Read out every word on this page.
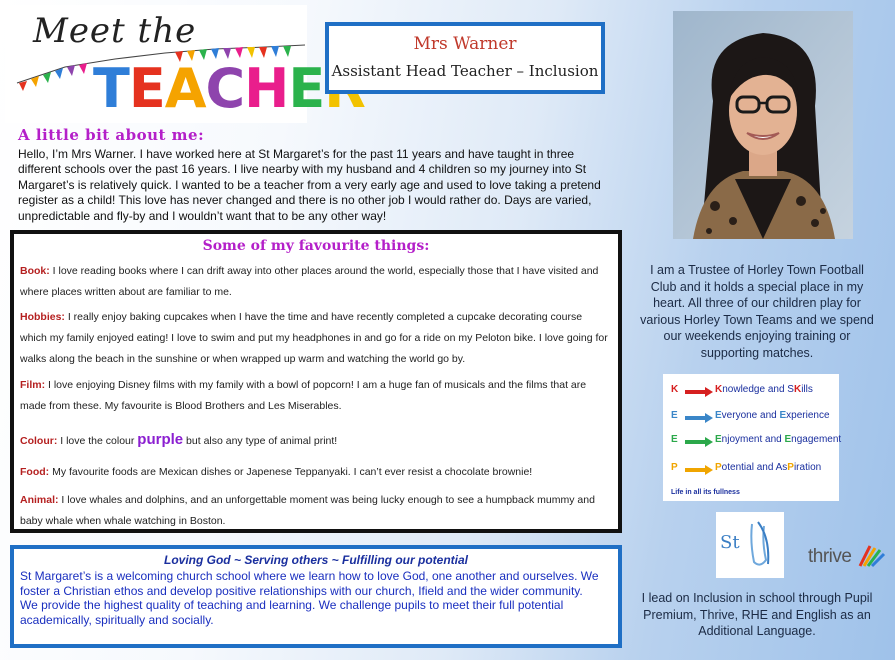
Meet the
TEACHE
Mrs Warner
Assistant Head Teacher – Inclusion
A little bit about me:
Hello, I’m Mrs Warner. I have worked here at St Margaret’s for the past 11 years and have taught in three different schools over the past 16 years. I live nearby with my husband and 4 children so my journey into St Margaret’s is relatively quick. I wanted to be a teacher from a very early age and used to love taking a pretend register as a child! This love has never changed and there is no other job I would rather do. Days are varied, unpredictable and fly-by and I wouldn’t want that to be any other way!
Some of my favourite things:
Book: I love reading books where I can drift away into other places around the world, especially those that I have visited and where places written about are familiar to me.
Hobbies: I really enjoy baking cupcakes when I have the time and have recently completed a cupcake decorating course which my family enjoyed eating! I love to swim and put my headphones in and go for a ride on my Peloton bike. I love going for walks along the beach in the sunshine or when wrapped up warm and watching the world go by.
Film: I love enjoying Disney films with my family with a bowl of popcorn! I am a huge fan of musicals and the films that are made from these. My favourite is Blood Brothers and Les Miserables.
Colour: I love the colour purple but also any type of animal print!
Food: My favourite foods are Mexican dishes or Japenese Teppanyaki. I can’t ever resist a chocolate brownie!
Animal: I love whales and dolphins, and an unforgettable moment was being lucky enough to see a humpback mummy and baby whale when whale watching in Boston.
Loving God ~ Serving others ~ Fulfilling our potential
St Margaret’s is a welcoming church school where we learn how to love God, one another and ourselves. We foster a Christian ethos and develop positive relationships with our church, Ifield and the wider community.
We provide the highest quality of teaching and learning. We challenge pupils to meet their full potential academically, spiritually and socially.
I am a Trustee of Horley Town Football Club and it holds a special place in my heart. All three of our children play for various Horley Town Teams and we spend our weekends enjoying training or supporting matches.
K	Knowledge and SKills
E	Everyone and Experience
E	Enjoyment and Engagement
P	Potential and AsPiration
Life in all its fullness
St
thrive
I lead on Inclusion in school through Pupil Premium, Thrive, RHE and English as an Additional Language.
